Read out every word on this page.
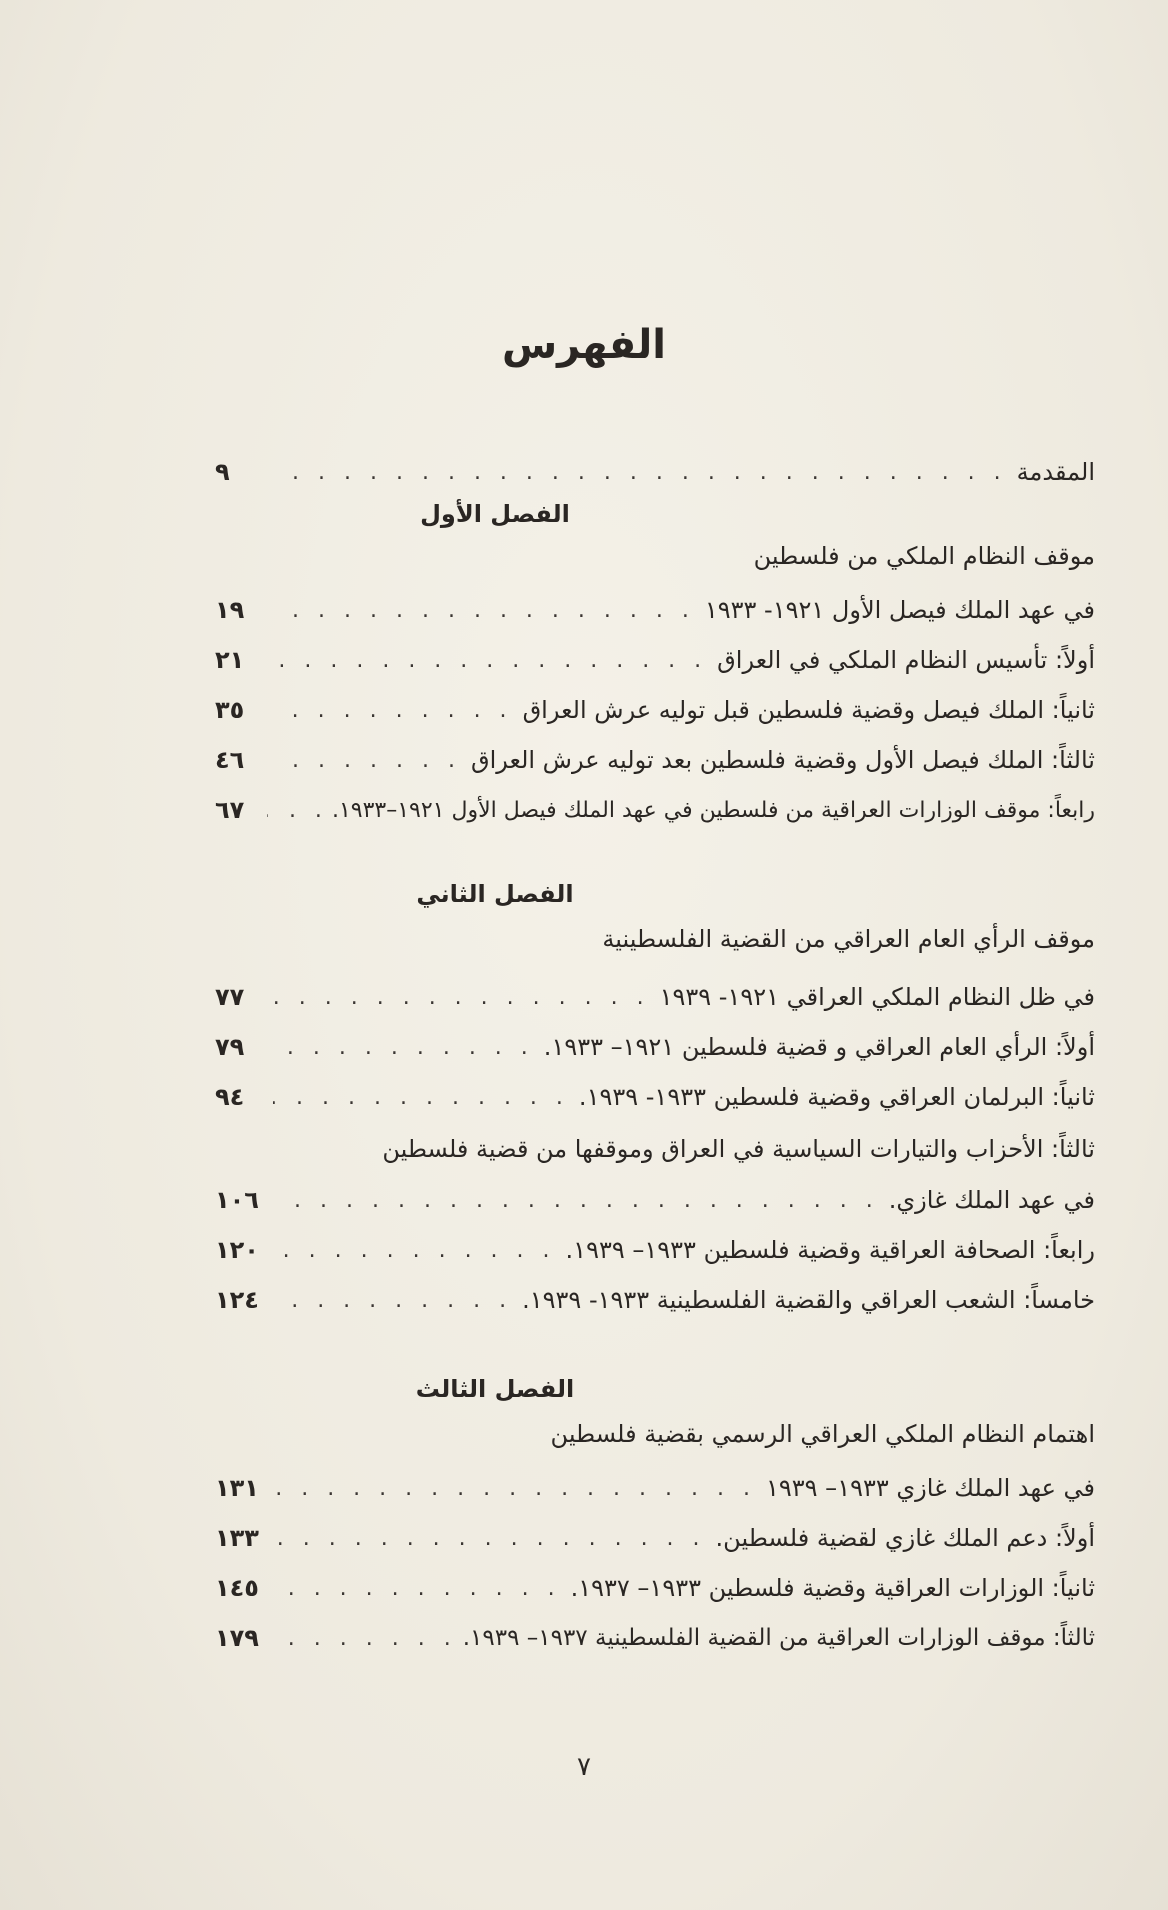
الفهرس
المقدمة
. . .
٩
الفصل الأول
موقف النظام الملكي من فلسطين
في عهد الملك فيصل الأول ١٩٢١- ١٩٣٣
. . .
١٩
أولاً: تأسيس النظام الملكي في العراق
. . .
٢١
ثانياً: الملك فيصل وقضية فلسطين قبل توليه عرش العراق
. . .
٣٥
ثالثاً: الملك فيصل الأول وقضية فلسطين بعد توليه عرش العراق
. . .
٤٦
رابعاً: موقف الوزارات العراقية من فلسطين في عهد الملك فيصل الأول ١٩٢١–١٩٣٣.
. . .
٦٧
الفصل الثاني
موقف الرأي العام العراقي من القضية الفلسطينية
في ظل النظام الملكي العراقي ١٩٢١- ١٩٣٩
. . .
٧٧
أولاً: الرأي العام العراقي و قضية فلسطين ١٩٢١– ١٩٣٣.
. . .
٧٩
ثانياً: البرلمان العراقي وقضية فلسطين ١٩٣٣- ١٩٣٩.
. . .
٩٤
ثالثاً: الأحزاب والتيارات السياسية في العراق وموقفها من قضية فلسطين
في عهد الملك غازي.
. . .
١٠٦
رابعاً: الصحافة العراقية وقضية فلسطين ١٩٣٣– ١٩٣٩.
. . .
١٢٠
خامساً: الشعب العراقي والقضية الفلسطينية ١٩٣٣- ١٩٣٩.
. . .
١٢٤
الفصل الثالث
اهتمام النظام الملكي العراقي الرسمي بقضية فلسطين
في عهد الملك غازي ١٩٣٣– ١٩٣٩
. . .
١٣١
أولاً: دعم الملك غازي لقضية فلسطين.
. . .
١٣٣
ثانياً: الوزارات العراقية وقضية فلسطين ١٩٣٣– ١٩٣٧.
. . .
١٤٥
ثالثاً: موقف الوزارات العراقية من القضية الفلسطينية ١٩٣٧– ١٩٣٩.
. . .
١٧٩
٧
